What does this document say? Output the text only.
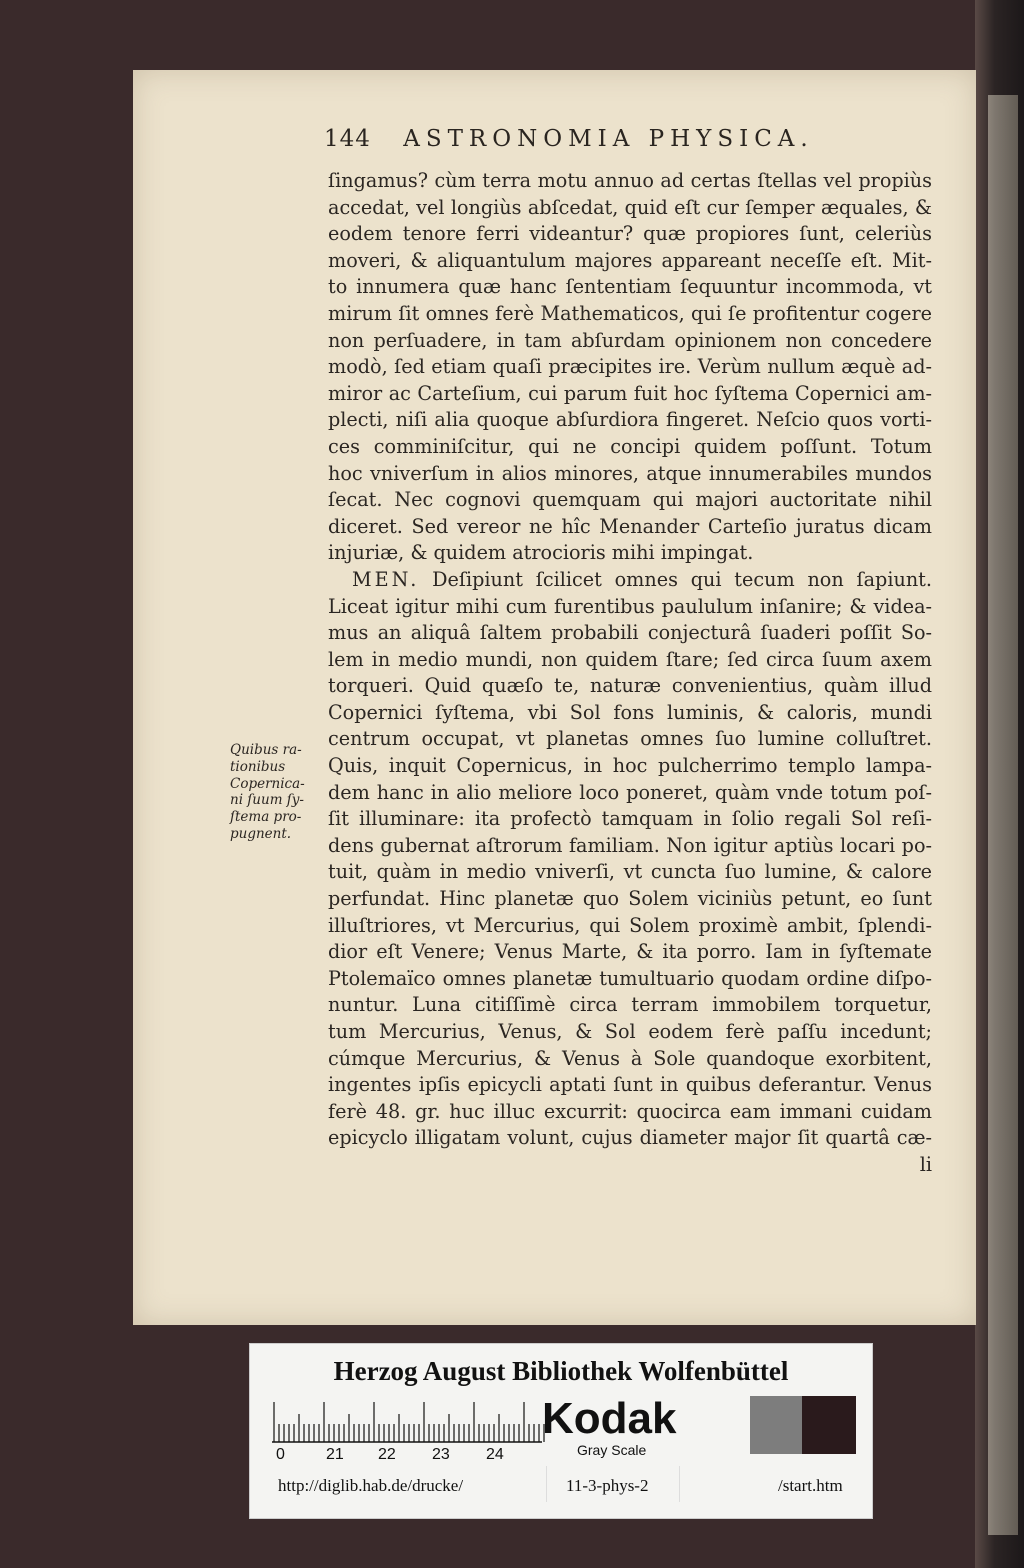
144 ASTRONOMIA PHYSICA.
ſingamus? cùm terra motu annuo ad certas ſtellas vel propiùs
accedat, vel longiùs abſcedat, quid eſt cur ſemper æquales, &
eodem tenore ferri videantur? quæ propiores ſunt, celeriùs
moveri, & aliquantulum majores appareant neceſſe eſt. Mit-
to innumera quæ hanc ſententiam ſequuntur incommoda, vt
mirum ſit omnes ferè Mathematicos, qui ſe profitentur cogere
non perſuadere, in tam abſurdam opinionem non concedere
modò, ſed etiam quaſi præcipites ire. Verùm nullum æquè ad-
miror ac Carteſium, cui parum fuit hoc ſyſtema Copernici am-
plecti, niſi alia quoque abſurdiora fingeret. Neſcio quos vorti-
ces comminiſcitur, qui ne concipi quidem poſſunt. Totum
hoc vniverſum in alios minores, atque innumerabiles mundos
ſecat. Nec cognovi quemquam qui majori auctoritate nihil
diceret. Sed vereor ne hîc Menander Carteſio juratus dicam
injuriæ, & quidem atrocioris mihi impingat.
MEN. Deſipiunt ſcilicet omnes qui tecum non ſapiunt.
Liceat igitur mihi cum furentibus paululum inſanire; & videa-
mus an aliquâ ſaltem probabili conjecturâ ſuaderi poſſit So-
lem in medio mundi, non quidem ſtare; ſed circa ſuum axem
torqueri. Quid quæſo te, naturæ convenientius, quàm illud
Copernici ſyſtema, vbi Sol fons luminis, & caloris, mundi
centrum occupat, vt planetas omnes ſuo lumine colluſtret.
Quis, inquit Copernicus, in hoc pulcherrimo templo lampa-
dem hanc in alio meliore loco poneret, quàm vnde totum poſ-
ſit illuminare: ita profectò tamquam in ſolio regali Sol reſi-
dens gubernat aſtrorum familiam. Non igitur aptiùs locari po-
tuit, quàm in medio vniverſi, vt cuncta ſuo lumine, & calore
perfundat. Hinc planetæ quo Solem viciniùs petunt, eo ſunt
illuſtriores, vt Mercurius, qui Solem proximè ambit, ſplendi-
dior eſt Venere; Venus Marte, & ita porro. Iam in ſyſtemate
Ptolemaïco omnes planetæ tumultuario quodam ordine diſpo-
nuntur. Luna citiſſimè circa terram immobilem torquetur,
tum Mercurius, Venus, & Sol eodem ferè paſſu incedunt;
cúmque Mercurius, & Venus à Sole quandoque exorbitent,
ingentes ipſis epicycli aptati ſunt in quibus deferantur. Venus
ferè 48. gr. huc illuc excurrit: quocirca eam immani cuidam
epicyclo illigatam volunt, cujus diameter major ſit quartâ cæ-
li
Quibus ra-
tionibus
Copernica-
ni ſuum ſy-
ſtema pro-
pugnent.
Herzog August Bibliothek Wolfenbüttel
0	21 22 23 24
Kodak
Gray Scale
http://diglib.hab.de/drucke/	11-3-phys-2	/start.htm
